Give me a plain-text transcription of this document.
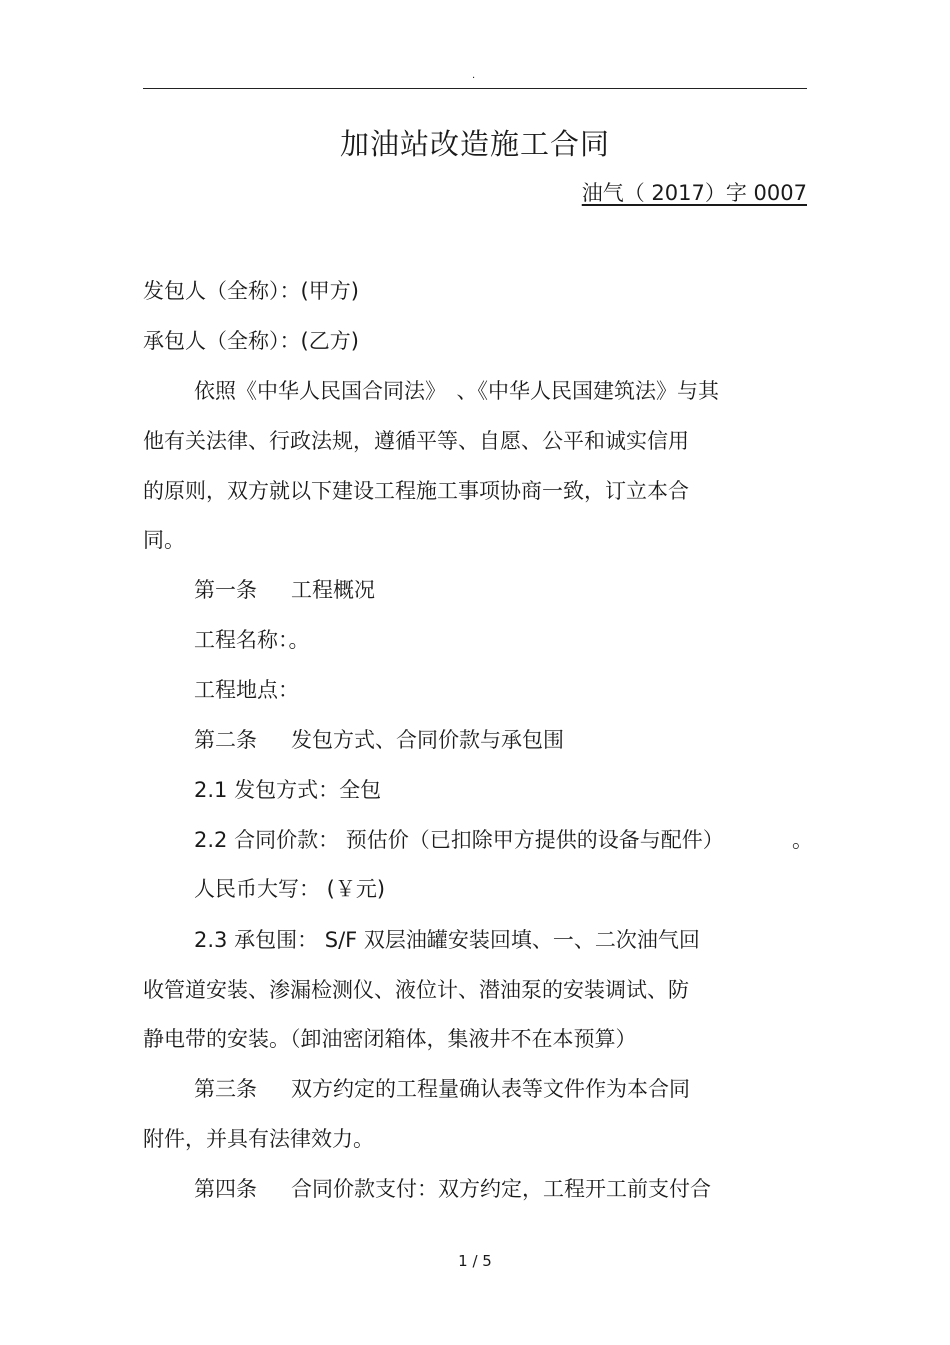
.
加油站改造施工合同
油气（ 2017）字 0007
发包人（全称）：(甲方)
承包人（全称）：(乙方)
依照《中华人民国合同法》　、《中华人民国建筑法》与其
他有关法律、行政法规，遵循平等、自愿、公平和诚实信用
的原则，双方就以下建设工程施工事项协商一致，订立本合
同。
第一条 工程概况
工程名称：。
工程地点：
第二条 发包方式、合同价款与承包围
2.1 发包方式：全包
2.2 合同价款： 预估价（已扣除甲方提供的设备与配件）	。
人民币大写： (￥元)
2.3 承包围： S/F 双层油罐安装回填、一、二次油气回
收管道安装、渗漏检测仪、液位计、潜油泵的安装调试、防
静电带的安装。（卸油密闭箱体，集液井不在本预算）
第三条 双方约定的工程量确认表等文件作为本合同
附件，并具有法律效力。
第四条 合同价款支付：双方约定，工程开工前支付合
1 / 5
